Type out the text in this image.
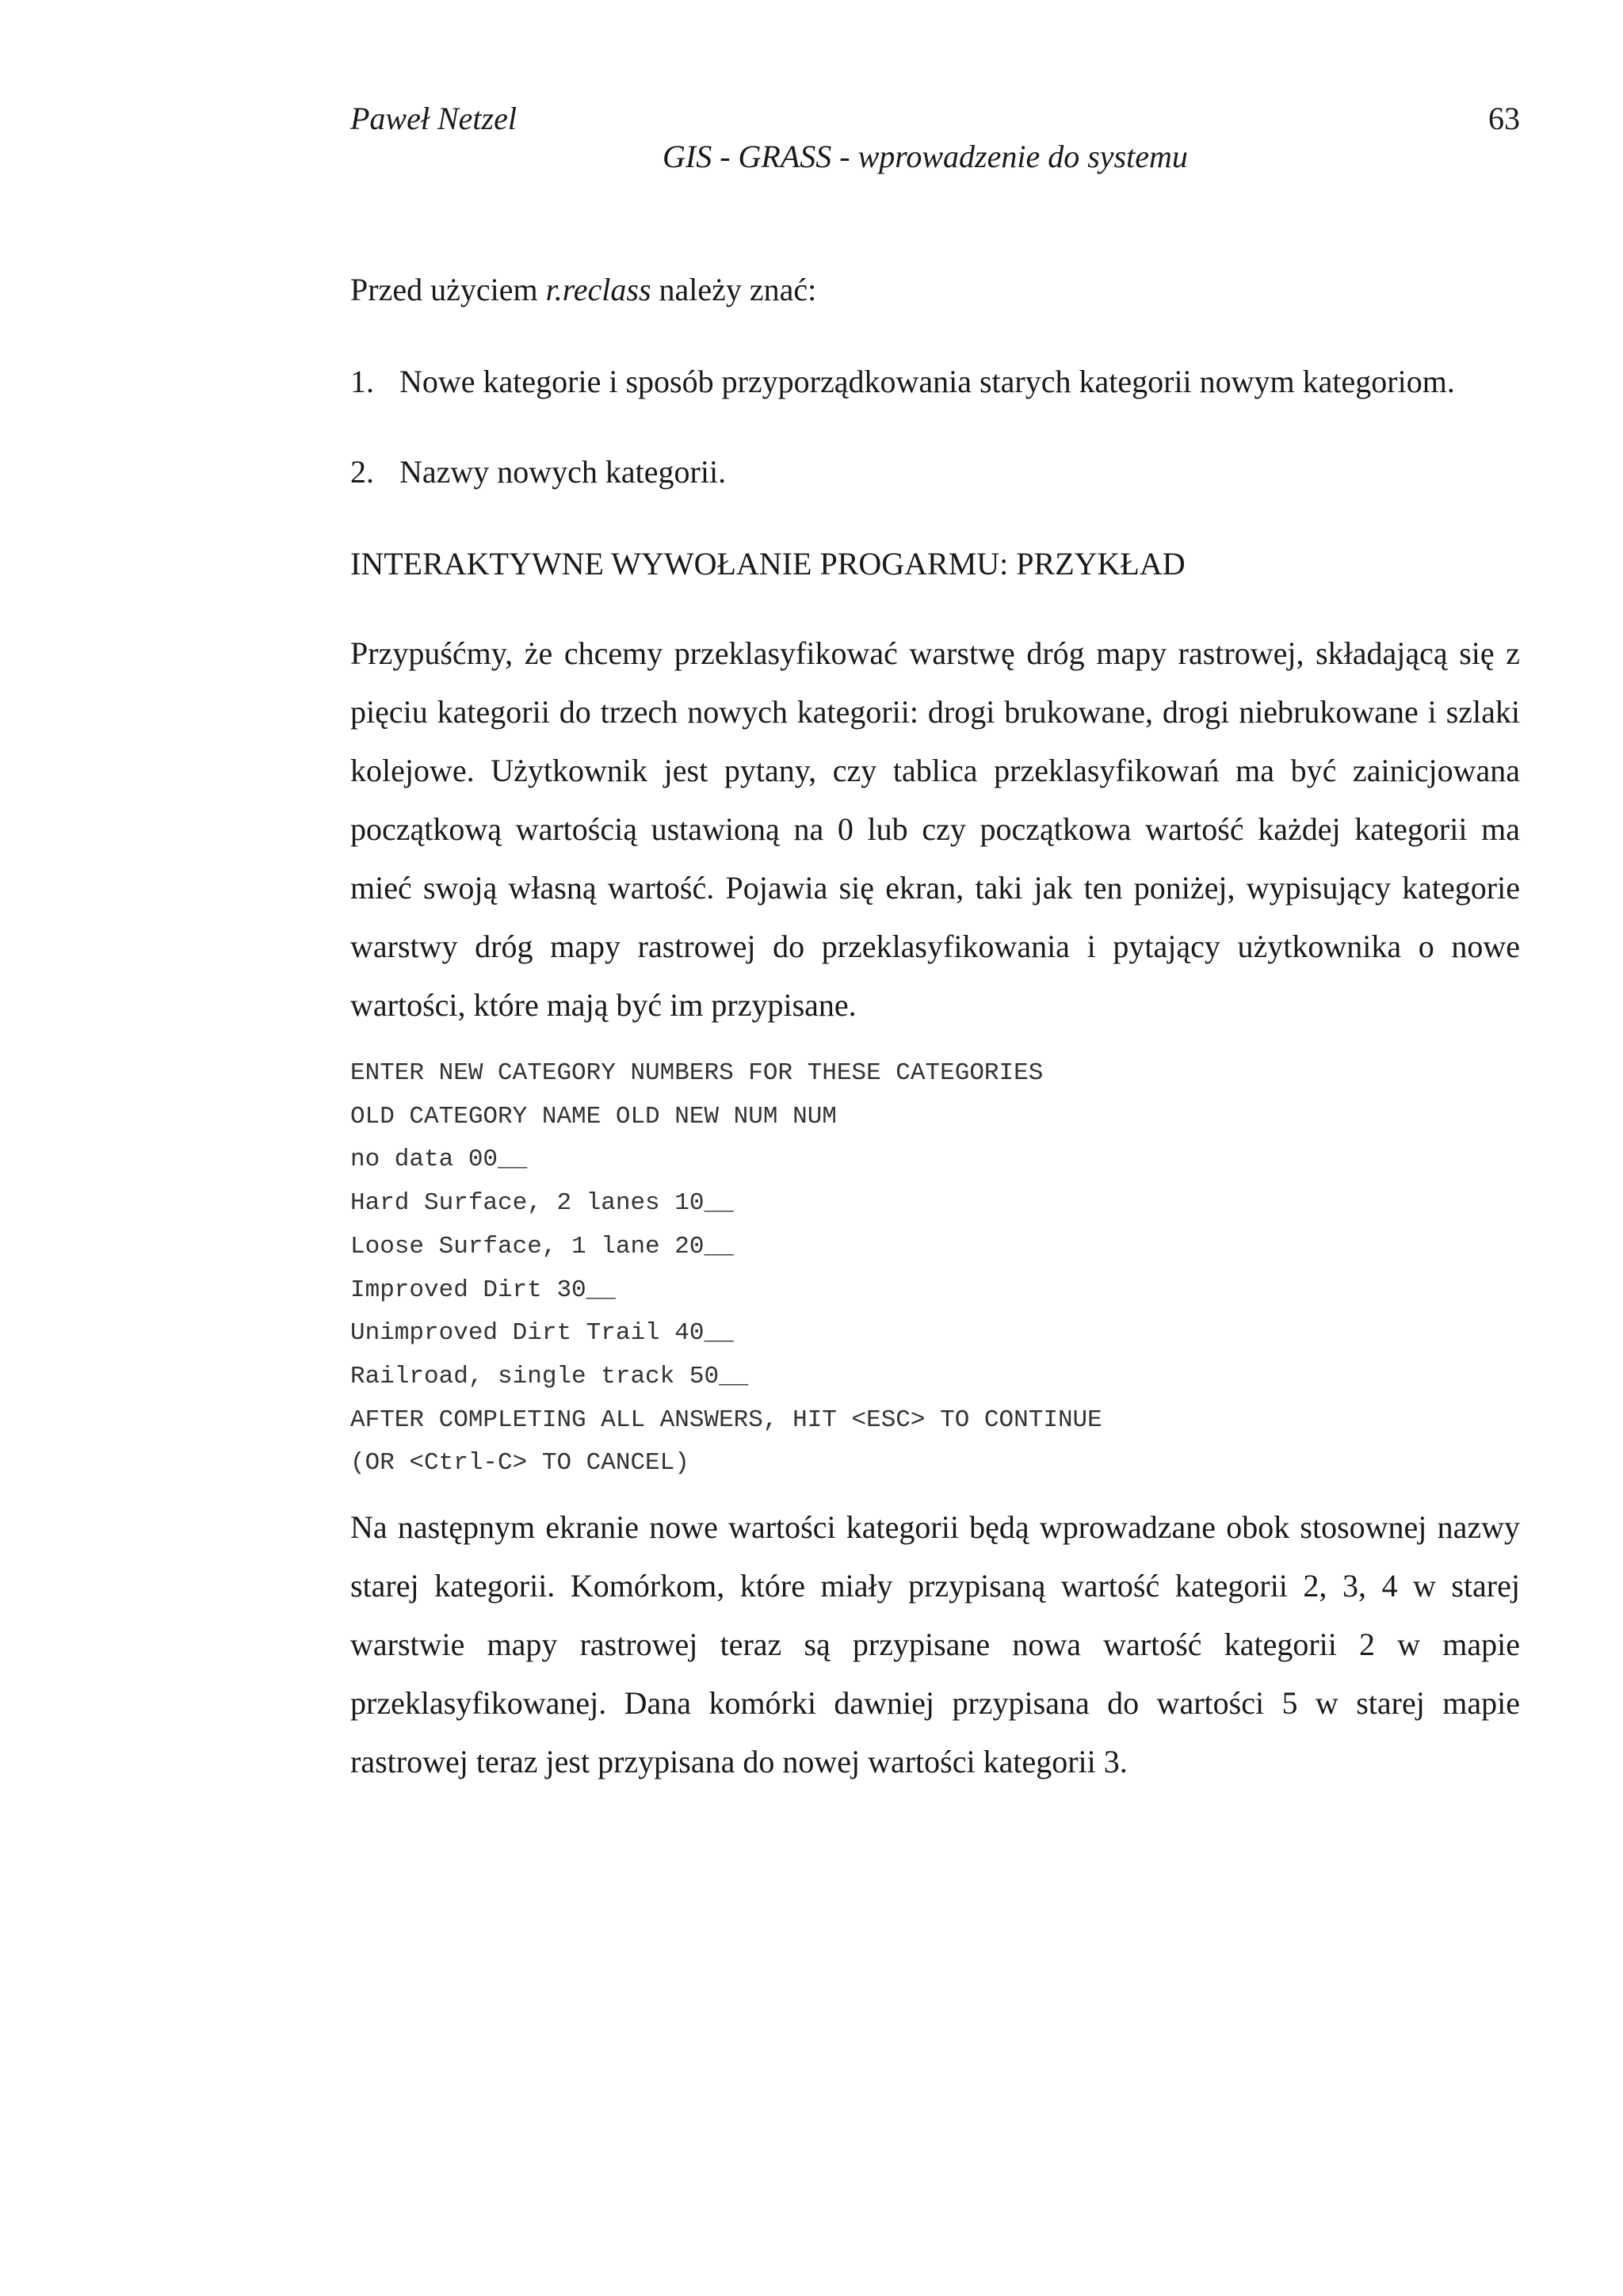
Paweł Netzel	63
GIS - GRASS - wprowadzenie do systemu
Przed użyciem r.reclass należy znać:
1. Nowe kategorie i sposób przyporządkowania starych kategorii nowym kategoriom.
2. Nazwy nowych kategorii.
INTERAKTYWNE WYWOŁANIE PROGARMU: PRZYKŁAD
Przypuśćmy, że chcemy przeklasyfikować warstwę dróg mapy rastrowej, składającą się z pięciu kategorii do trzech nowych kategorii: drogi brukowane, drogi niebrukowane i szlaki kolejowe. Użytkownik jest pytany, czy tablica przeklasyfikowań ma być zainicjowana początkową wartością ustawioną na 0 lub czy początkowa wartość każdej kategorii ma mieć swoją własną wartość. Pojawia się ekran, taki jak ten poniżej, wypisujący kategorie warstwy dróg mapy rastrowej do przeklasyfikowania i pytający użytkownika o nowe wartości, które mają być im przypisane.
ENTER NEW CATEGORY NUMBERS FOR THESE CATEGORIES
OLD CATEGORY NAME OLD NEW NUM NUM
no data 00__
Hard Surface, 2 lanes 10__
Loose Surface, 1 lane 20__
Improved Dirt 30__
Unimproved Dirt Trail 40__
Railroad, single track 50__
AFTER COMPLETING ALL ANSWERS, HIT <ESC> TO CONTINUE
(OR <Ctrl-C> TO CANCEL)
Na następnym ekranie nowe wartości kategorii będą wprowadzane obok stosownej nazwy starej kategorii. Komórkom, które miały przypisaną wartość kategorii 2, 3, 4 w starej warstwie mapy rastrowej teraz są przypisane nowa wartość kategorii 2 w mapie przeklasyfikowanej. Dana komórki dawniej przypisana do wartości 5 w starej mapie rastrowej teraz jest przypisana do nowej wartości kategorii 3.
